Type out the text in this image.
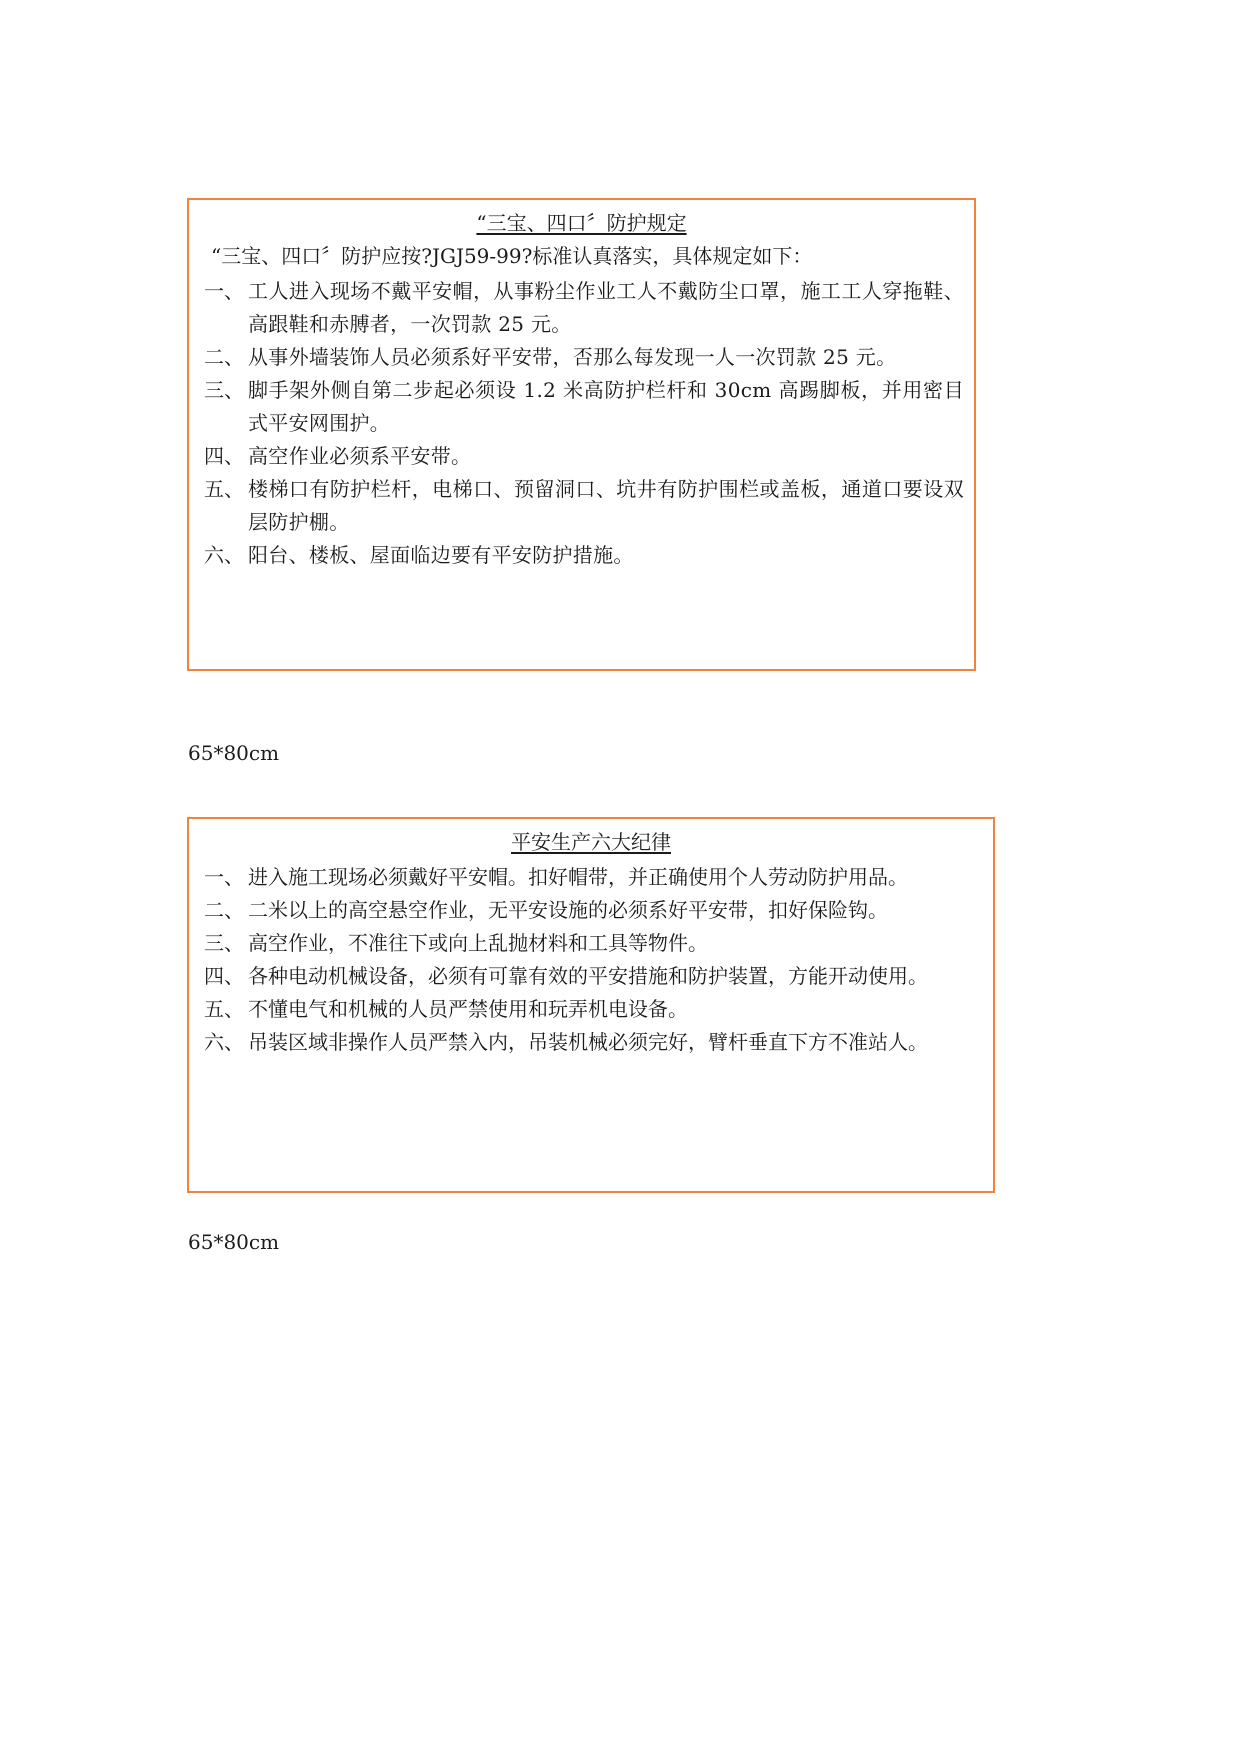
“三宝、四口〞防护规定
“三宝、四口〞防护应按?JGJ59-99?标准认真落实，具体规定如下：
一、 工人进入现场不戴平安帽，从事粉尘作业工人不戴防尘口罩，施工工人穿拖鞋、高跟鞋和赤膊者，一次罚款 25 元。
二、 从事外墙装饰人员必须系好平安带，否那么每发现一人一次罚款 25 元。
三、 脚手架外侧自第二步起必须设 1.2 米高防护栏杆和 30cm 高踢脚板，并用密目式平安网围护。
四、 高空作业必须系平安带。
五、 楼梯口有防护栏杆，电梯口、预留洞口、坑井有防护围栏或盖板，通道口要设双层防护棚。
六、 阳台、楼板、屋面临边要有平安防护措施。
65*80cm
平安生产六大纪律
一、 进入施工现场必须戴好平安帽。扣好帽带，并正确使用个人劳动防护用品。
二、 二米以上的高空悬空作业，无平安设施的必须系好平安带，扣好保险钩。
三、 高空作业，不准往下或向上乱抛材料和工具等物件。
四、 各种电动机械设备，必须有可靠有效的平安措施和防护装置，方能开动使用。
五、 不懂电气和机械的人员严禁使用和玩弄机电设备。
六、 吊装区域非操作人员严禁入内，吊装机械必须完好，臂杆垂直下方不准站人。
65*80cm
